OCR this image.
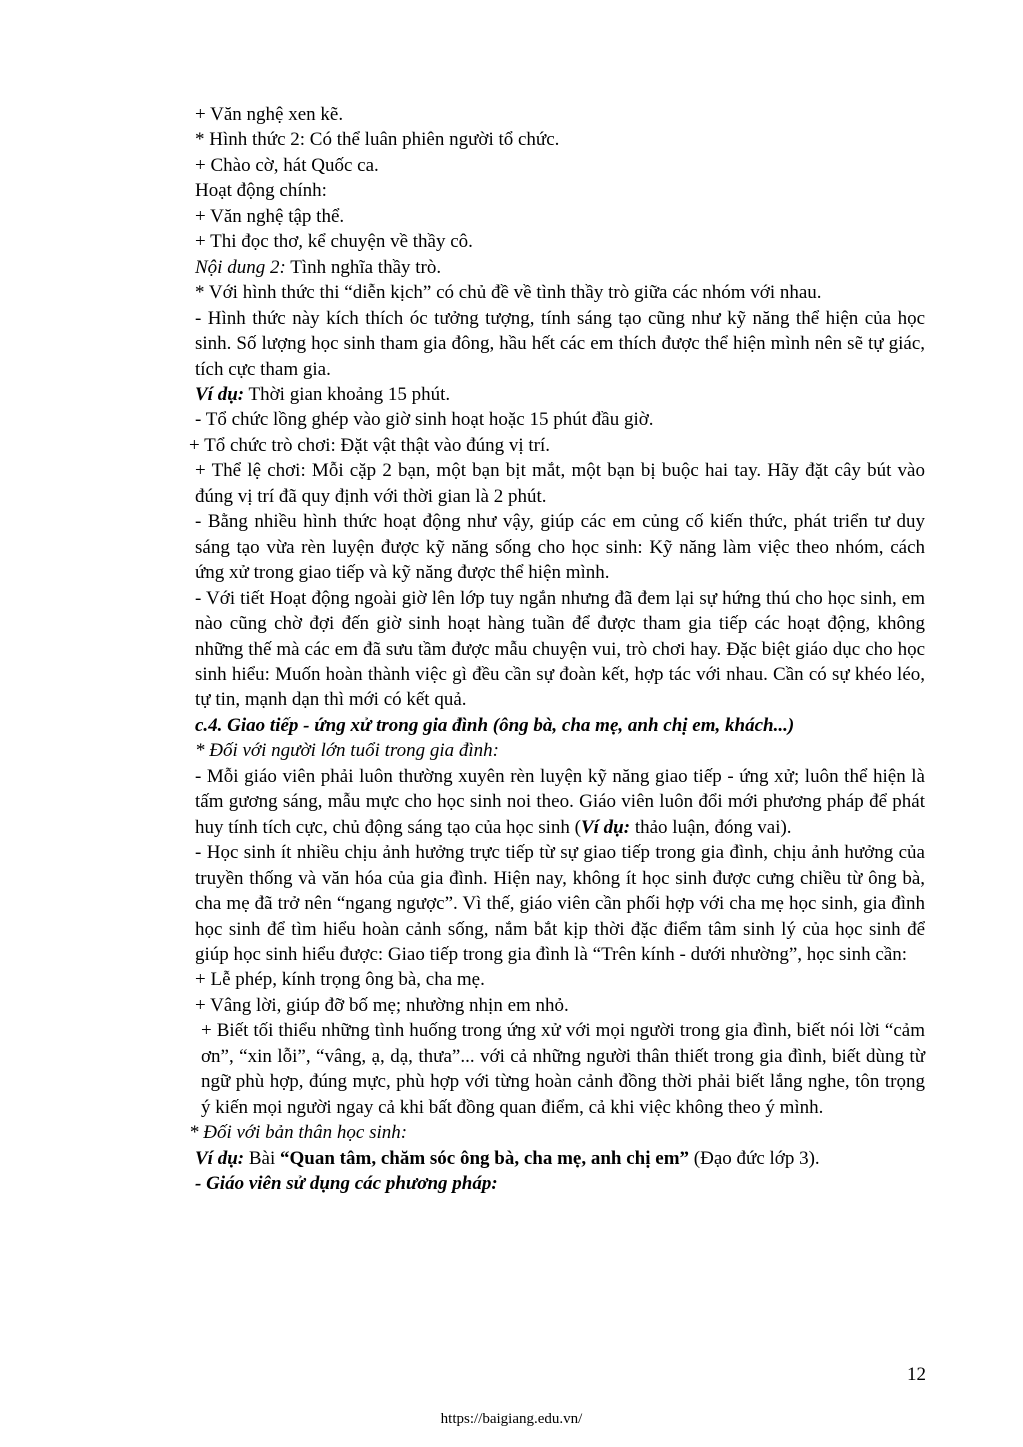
+ Văn nghệ xen kẽ.
* Hình thức 2: Có thể luân phiên người tổ chức.
+ Chào cờ, hát Quốc ca.
Hoạt động chính:
+ Văn nghệ tập thể.
+ Thi đọc thơ, kể chuyện về thầy cô.
Nội dung 2: Tình nghĩa thầy trò.
* Với hình thức thi “diễn kịch” có chủ đề về tình thầy trò giữa các nhóm với nhau.
- Hình thức này kích thích óc tưởng tượng, tính sáng tạo cũng như kỹ năng thể hiện của học sinh. Số lượng học sinh tham gia đông, hầu hết các em thích được thể hiện mình nên sẽ tự giác, tích cực tham gia.
Ví dụ: Thời gian khoảng 15 phút.
- Tổ chức lồng ghép vào giờ sinh hoạt hoặc 15 phút đầu giờ.
+ Tổ chức trò chơi: Đặt vật thật vào đúng vị trí.
+ Thể lệ chơi: Mỗi cặp 2 bạn, một bạn bịt mắt, một bạn bị buộc hai tay. Hãy đặt cây bút vào đúng vị trí đã quy định với thời gian là 2 phút.
- Bằng nhiều hình thức hoạt động như vậy, giúp các em củng cố kiến thức, phát triển tư duy sáng tạo vừa rèn luyện được kỹ năng sống cho học sinh: Kỹ năng làm việc theo nhóm, cách ứng xử trong giao tiếp và kỹ năng được thể hiện mình.
- Với tiết Hoạt động ngoài giờ lên lớp tuy ngắn nhưng đã đem lại sự hứng thú cho học sinh, em nào cũng chờ đợi đến giờ sinh hoạt hàng tuần để được tham gia tiếp các hoạt động, không những thế mà các em đã sưu tầm được mẫu chuyện vui, trò chơi hay. Đặc biệt giáo dục cho học sinh hiểu: Muốn hoàn thành việc gì đều cần sự đoàn kết, hợp tác với nhau. Cần có sự khéo léo, tự tin, mạnh dạn thì mới có kết quả.
c.4. Giao tiếp - ứng xử trong gia đình (ông bà, cha mẹ, anh chị em, khách...)
* Đối với người lớn tuổi trong gia đình:
- Mỗi giáo viên phải luôn thường xuyên rèn luyện kỹ năng giao tiếp - ứng xử; luôn thể hiện là tấm gương sáng, mẫu mực cho học sinh noi theo. Giáo viên luôn đổi mới phương pháp để phát huy tính tích cực, chủ động sáng tạo của học sinh (Ví dụ: thảo luận, đóng vai).
- Học sinh ít nhiều chịu ảnh hưởng trực tiếp từ sự giao tiếp trong gia đình, chịu ảnh hưởng của truyền thống và văn hóa của gia đình. Hiện nay, không ít học sinh được cưng chiều từ ông bà, cha mẹ đã trở nên “ngang ngược”. Vì thế, giáo viên cần phối hợp với cha mẹ học sinh, gia đình học sinh để tìm hiểu hoàn cảnh sống, nắm bắt kịp thời đặc điểm tâm sinh lý của học sinh để giúp học sinh hiểu được: Giao tiếp trong gia đình là “Trên kính - dưới nhường”, học sinh cần:
+ Lễ phép, kính trọng ông bà, cha mẹ.
+ Vâng lời, giúp đỡ bố mẹ; nhường nhịn em nhỏ.
+ Biết tối thiểu những tình huống trong ứng xử với mọi người trong gia đình, biết nói lời “cảm ơn”, “xin lỗi”, “vâng, ạ, dạ, thưa”... với cả những người thân thiết trong gia đình, biết dùng từ ngữ phù hợp, đúng mực, phù hợp với từng hoàn cảnh đồng thời phải biết lắng nghe, tôn trọng ý kiến mọi người ngay cả khi bất đồng quan điểm, cả khi việc không theo ý mình.
* Đối với bản thân học sinh:
Ví dụ: Bài “Quan tâm, chăm sóc ông bà, cha mẹ, anh chị em” (Đạo đức lớp 3).
- Giáo viên sử dụng các phương pháp:
12
https://baigiang.edu.vn/
